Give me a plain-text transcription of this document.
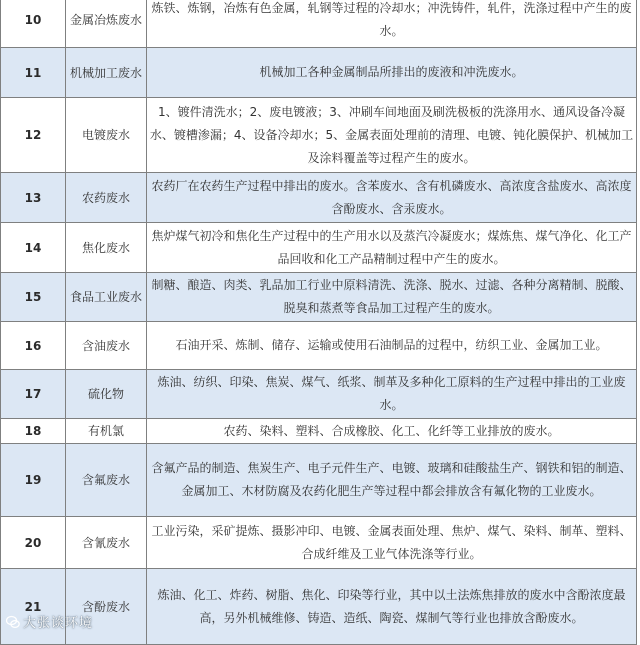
10	金属冶炼废水	炼铁、炼钢，冶炼有色金属，轧钢等过程的冷却水；冲洗铸件，轧件，洗涤过程中产生的废水。
11	机械加工废水	机械加工各种金属制品所排出的废液和冲洗废水。
12	电镀废水	1、镀件清洗水；2、废电镀液；3、冲刷车间地面及刷洗极板的洗涤用水、通风设备冷凝水、镀槽渗漏；4、设备冷却水；5、金属表面处理前的清理、电镀、钝化膜保护、机械加工及涂料覆盖等过程产生的废水。
13	农药废水	农药厂在农药生产过程中排出的废水。含苯废水、含有机磷废水、高浓度含盐废水、高浓度含酚废水、含汞废水。
14	焦化废水	焦炉煤气初冷和焦化生产过程中的生产用水以及蒸汽冷凝废水；煤炼焦、煤气净化、化工产品回收和化工产品精制过程中产生的废水。
15	食品工业废水	制糖、酿造、肉类、乳品加工行业中原料清洗、洗涤、脱水、过滤、各种分离精制、脱酸、脱臭和蒸煮等食品加工过程产生的废水。
16	含油废水	石油开采、炼制、储存、运输或使用石油制品的过程中，纺织工业、金属加工业。
17	硫化物	炼油、纺织、印染、焦炭、煤气、纸浆、制革及多种化工原料的生产过程中排出的工业废水。
18	有机氯	农药、染料、塑料、合成橡胶、化工、化纤等工业排放的废水。
19	含氟废水	含氟产品的制造、焦炭生产、电子元件生产、电镀、玻璃和硅酸盐生产、钢铁和铝的制造、金属加工、木材防腐及农药化肥生产等过程中都会排放含有氟化物的工业废水。
20	含氰废水	工业污染，采矿提炼、摄影冲印、电镀、金属表面处理、焦炉、煤气、染料、制革、塑料、合成纤维及工业气体洗涤等行业。
21	含酚废水	炼油、化工、炸药、树脂、焦化、印染等行业，其中以土法炼焦排放的废水中含酚浓度最高，另外机械维修、铸造、造纸、陶瓷、煤制气等行业也排放含酚废水。
大张谈环境
